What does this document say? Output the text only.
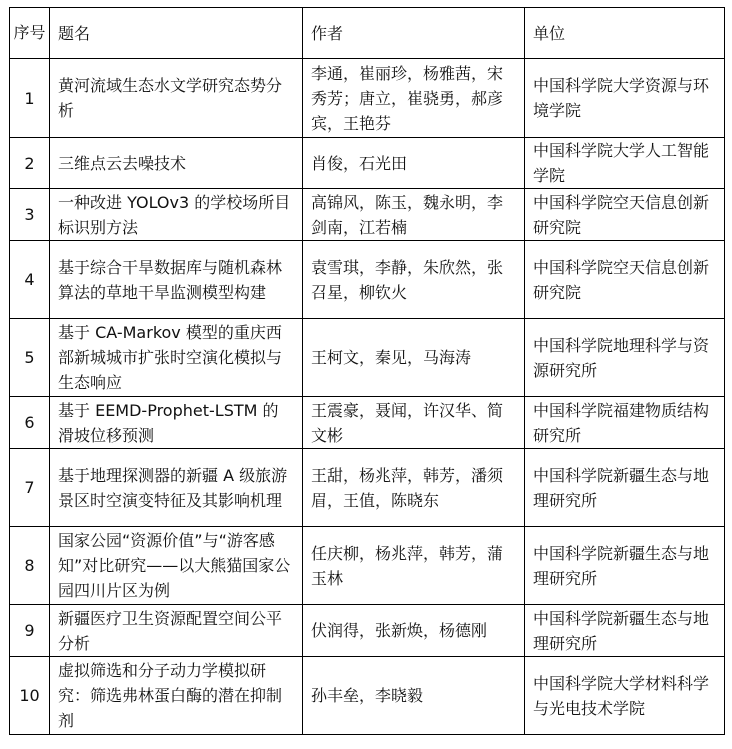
序号	题名	作者	单位
1	黄河流域生态水文学研究态势分析	李通，崔丽珍，杨雅茜，宋秀芳；唐立，崔骁勇，郝彦宾，王艳芬	中国科学院大学资源与环境学院
2	三维点云去噪技术	肖俊，石光田	中国科学院大学人工智能学院
3	一种改进 YOLOv3 的学校场所目标识别方法	高锦风，陈玉，魏永明，李剑南，江若楠	中国科学院空天信息创新研究院
4	基于综合干旱数据库与随机森林算法的草地干旱监测模型构建	袁雪琪，李静，朱欣然，张召星，柳钦火	中国科学院空天信息创新研究院
5	基于 CA-Markov 模型的重庆西部新城城市扩张时空演化模拟与生态响应	王柯文，秦见，马海涛	中国科学院地理科学与资源研究所
6	基于 EEMD-Prophet-LSTM 的滑坡位移预测	王震豪，聂闻，许汉华、简文彬	中国科学院福建物质结构研究所
7	基于地理探测器的新疆 A 级旅游景区时空演变特征及其影响机理	王甜，杨兆萍，韩芳，潘须眉，王值，陈晓东	中国科学院新疆生态与地理研究所
8	国家公园“资源价值”与“游客感知”对比研究——以大熊猫国家公园四川片区为例	任庆柳，杨兆萍，韩芳，蒲玉林	中国科学院新疆生态与地理研究所
9	新疆医疗卫生资源配置空间公平分析	伏润得，张新焕，杨德刚	中国科学院新疆生态与地理研究所
10	虚拟筛选和分子动力学模拟研究：筛选弗林蛋白酶的潜在抑制剂	孙丰垒，李晓毅	中国科学院大学材料科学与光电技术学院
